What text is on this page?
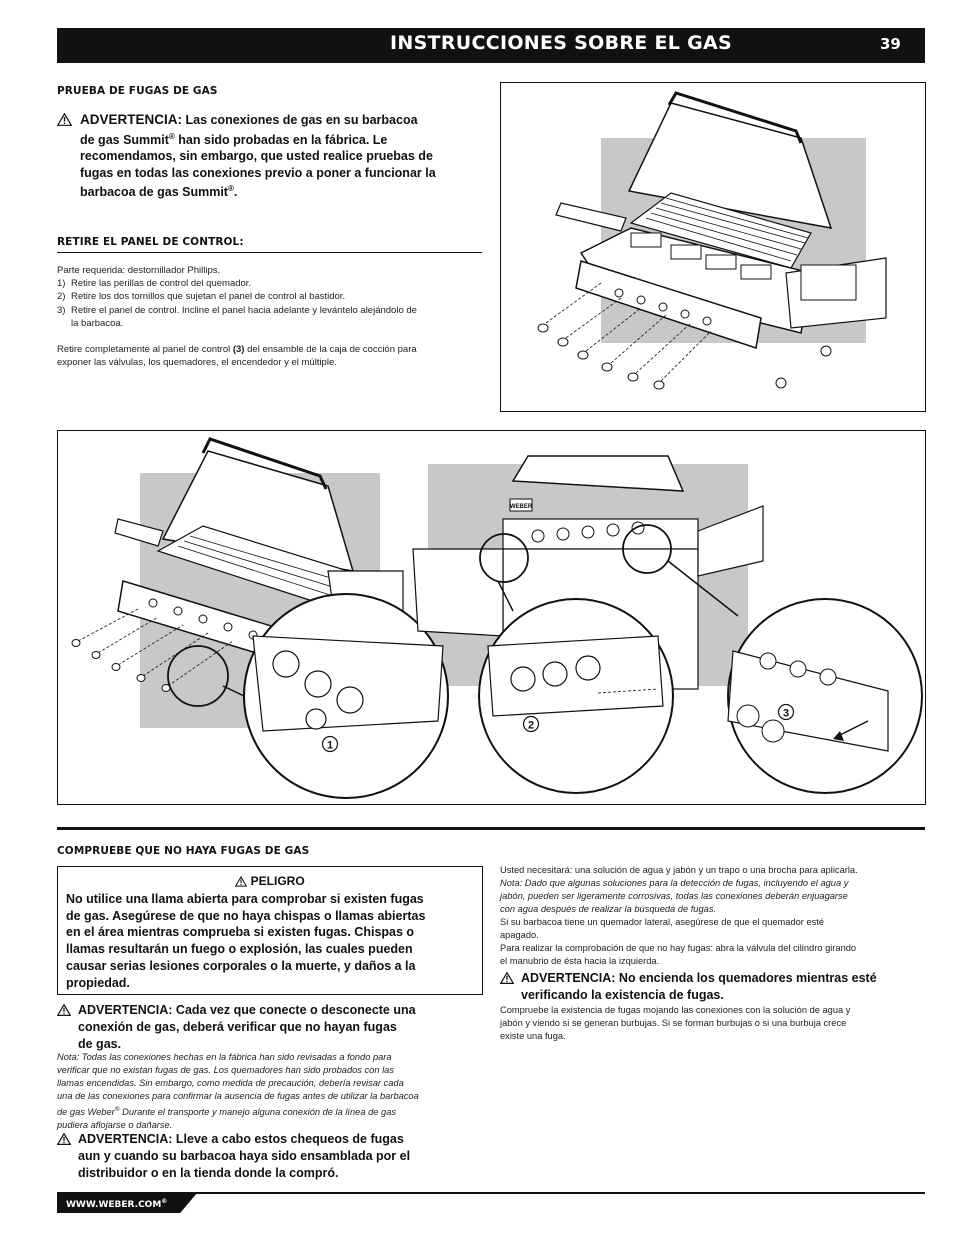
INSTRUCCIONES SOBRE EL GAS	39
PRUEBA DE FUGAS DE GAS
ADVERTENCIA: Las conexiones de gas en su barbacoa
de gas Summit® han sido probadas en la fábrica. Le
recomendamos, sin embargo, que usted realice pruebas de
fugas en todas las conexiones previo a poner a funcionar la
barbacoa de gas Summit®.
RETIRE EL PANEL DE CONTROL:

Parte requerida: destornillador Phillips.

1) Retire las perillas de control del quemador.
2) Retire los dos tornillos que sujetan el panel de control al bastidor.
3) Retire el panel de control. Incline el panel hacia adelante y levántelo alejándolo de
la barbacoa.

Retire completamente al panel de control (3) del ensamble de la caja de cocción para

exponer las válvulas, los quemadores, el encendedor y el múltiple.

WEBER
1
2
3
COMPRUEBE QUE NO HAYA FUGAS DE GAS
PELIGRO
No utilice una llama abierta para comprobar si existen fugas
de gas. Asegúrese de que no haya chispas o llamas abiertas
en el área mientras comprueba si existen fugas. Chispas o
llamas resultarán un fuego o explosión, las cuales pueden
causar serias lesiones corporales o la muerte, y daños a la
propiedad.
ADVERTENCIA: Cada vez que conecte o desconecte una
conexión de gas, deberá verificar que no hayan fugas
de gas.
Nota: Todas las conexiones hechas en la fábrica han sido revisadas a fondo para
verificar que no existan fugas de gas. Los quemadores han sido probados con las
llamas encendidas. Sin embargo, como medida de precaución, debería revisar cada
una de las conexiones para confirmar la ausencia de fugas antes de utilizar la barbacoa
de gas Weber® Durante el transporte y manejo alguna conexión de la línea de gas
pudiera aflojarse o dañarse.
ADVERTENCIA: Lleve a cabo estos chequeos de fugas
aun y cuando su barbacoa haya sido ensamblada por el
distribuidor o en la tienda donde la compró.
Usted necesitará: una solución de agua y jabón y un trapo o una brocha para aplicarla.
Nota: Dado que algunas soluciones para la detección de fugas, incluyendo el agua y
jabón, pueden ser ligeramente corrosivas, todas las conexiones deberán enjuagarse
con agua después de realizar la búsqueda de fugas.
Si su barbacoa tiene un quemador lateral, asegúrese de que el quemador esté
apagado.
Para realizar la comprobación de que no hay fugas: abra la válvula del cilindro girando
el manubrio de ésta hacia la izquierda.
ADVERTENCIA: No encienda los quemadores mientras esté
verificando la existencia de fugas.
Compruebe la existencia de fugas mojando las conexiones con la solución de agua y
jabón y viendo si se generan burbujas. Si se forman burbujas o si una burbuja crece
existe una fuga.
WWW.WEBER.COM®
